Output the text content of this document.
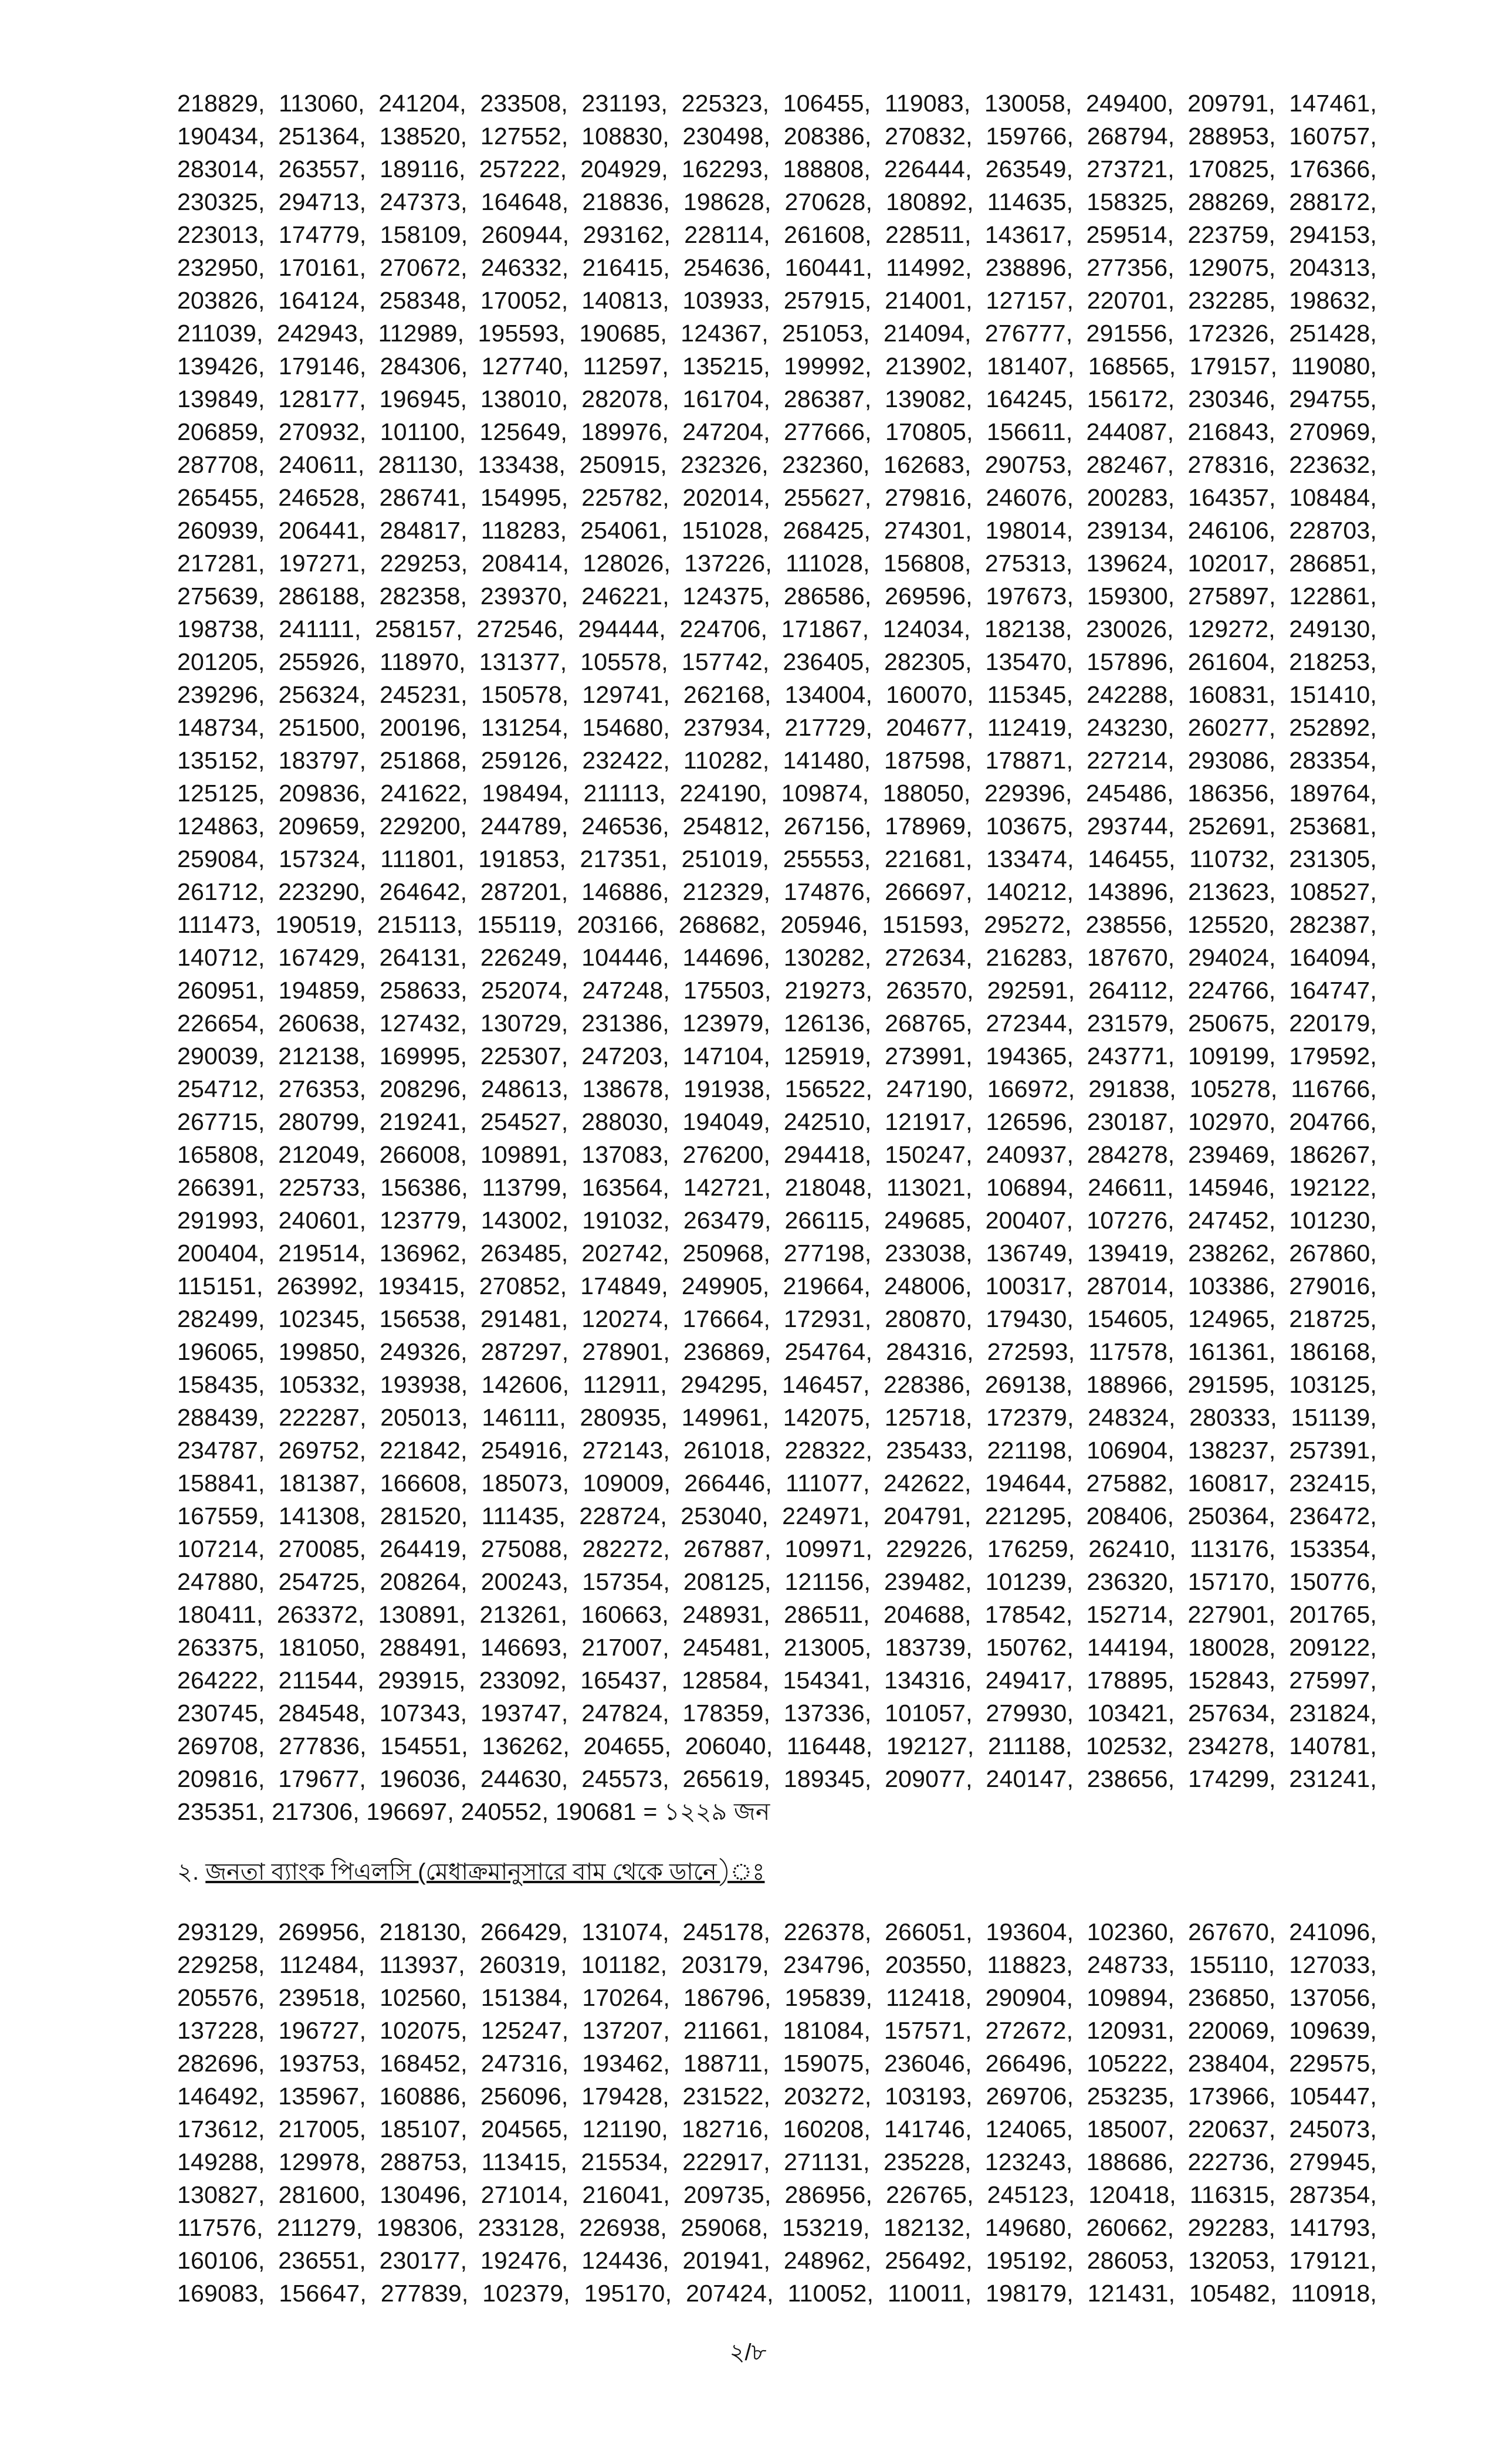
218829, 113060, 241204, 233508, 231193, 225323, 106455, 119083, 130058, 249400, 209791, 147461,
190434, 251364, 138520, 127552, 108830, 230498, 208386, 270832, 159766, 268794, 288953, 160757,
283014, 263557, 189116, 257222, 204929, 162293, 188808, 226444, 263549, 273721, 170825, 176366,
230325, 294713, 247373, 164648, 218836, 198628, 270628, 180892, 114635, 158325, 288269, 288172,
223013, 174779, 158109, 260944, 293162, 228114, 261608, 228511, 143617, 259514, 223759, 294153,
232950, 170161, 270672, 246332, 216415, 254636, 160441, 114992, 238896, 277356, 129075, 204313,
203826, 164124, 258348, 170052, 140813, 103933, 257915, 214001, 127157, 220701, 232285, 198632,
211039, 242943, 112989, 195593, 190685, 124367, 251053, 214094, 276777, 291556, 172326, 251428,
139426, 179146, 284306, 127740, 112597, 135215, 199992, 213902, 181407, 168565, 179157, 119080,
139849, 128177, 196945, 138010, 282078, 161704, 286387, 139082, 164245, 156172, 230346, 294755,
206859, 270932, 101100, 125649, 189976, 247204, 277666, 170805, 156611, 244087, 216843, 270969,
287708, 240611, 281130, 133438, 250915, 232326, 232360, 162683, 290753, 282467, 278316, 223632,
265455, 246528, 286741, 154995, 225782, 202014, 255627, 279816, 246076, 200283, 164357, 108484,
260939, 206441, 284817, 118283, 254061, 151028, 268425, 274301, 198014, 239134, 246106, 228703,
217281, 197271, 229253, 208414, 128026, 137226, 111028, 156808, 275313, 139624, 102017, 286851,
275639, 286188, 282358, 239370, 246221, 124375, 286586, 269596, 197673, 159300, 275897, 122861,
198738, 241111, 258157, 272546, 294444, 224706, 171867, 124034, 182138, 230026, 129272, 249130,
201205, 255926, 118970, 131377, 105578, 157742, 236405, 282305, 135470, 157896, 261604, 218253,
239296, 256324, 245231, 150578, 129741, 262168, 134004, 160070, 115345, 242288, 160831, 151410,
148734, 251500, 200196, 131254, 154680, 237934, 217729, 204677, 112419, 243230, 260277, 252892,
135152, 183797, 251868, 259126, 232422, 110282, 141480, 187598, 178871, 227214, 293086, 283354,
125125, 209836, 241622, 198494, 211113, 224190, 109874, 188050, 229396, 245486, 186356, 189764,
124863, 209659, 229200, 244789, 246536, 254812, 267156, 178969, 103675, 293744, 252691, 253681,
259084, 157324, 111801, 191853, 217351, 251019, 255553, 221681, 133474, 146455, 110732, 231305,
261712, 223290, 264642, 287201, 146886, 212329, 174876, 266697, 140212, 143896, 213623, 108527,
111473, 190519, 215113, 155119, 203166, 268682, 205946, 151593, 295272, 238556, 125520, 282387,
140712, 167429, 264131, 226249, 104446, 144696, 130282, 272634, 216283, 187670, 294024, 164094,
260951, 194859, 258633, 252074, 247248, 175503, 219273, 263570, 292591, 264112, 224766, 164747,
226654, 260638, 127432, 130729, 231386, 123979, 126136, 268765, 272344, 231579, 250675, 220179,
290039, 212138, 169995, 225307, 247203, 147104, 125919, 273991, 194365, 243771, 109199, 179592,
254712, 276353, 208296, 248613, 138678, 191938, 156522, 247190, 166972, 291838, 105278, 116766,
267715, 280799, 219241, 254527, 288030, 194049, 242510, 121917, 126596, 230187, 102970, 204766,
165808, 212049, 266008, 109891, 137083, 276200, 294418, 150247, 240937, 284278, 239469, 186267,
266391, 225733, 156386, 113799, 163564, 142721, 218048, 113021, 106894, 246611, 145946, 192122,
291993, 240601, 123779, 143002, 191032, 263479, 266115, 249685, 200407, 107276, 247452, 101230,
200404, 219514, 136962, 263485, 202742, 250968, 277198, 233038, 136749, 139419, 238262, 267860,
115151, 263992, 193415, 270852, 174849, 249905, 219664, 248006, 100317, 287014, 103386, 279016,
282499, 102345, 156538, 291481, 120274, 176664, 172931, 280870, 179430, 154605, 124965, 218725,
196065, 199850, 249326, 287297, 278901, 236869, 254764, 284316, 272593, 117578, 161361, 186168,
158435, 105332, 193938, 142606, 112911, 294295, 146457, 228386, 269138, 188966, 291595, 103125,
288439, 222287, 205013, 146111, 280935, 149961, 142075, 125718, 172379, 248324, 280333, 151139,
234787, 269752, 221842, 254916, 272143, 261018, 228322, 235433, 221198, 106904, 138237, 257391,
158841, 181387, 166608, 185073, 109009, 266446, 111077, 242622, 194644, 275882, 160817, 232415,
167559, 141308, 281520, 111435, 228724, 253040, 224971, 204791, 221295, 208406, 250364, 236472,
107214, 270085, 264419, 275088, 282272, 267887, 109971, 229226, 176259, 262410, 113176, 153354,
247880, 254725, 208264, 200243, 157354, 208125, 121156, 239482, 101239, 236320, 157170, 150776,
180411, 263372, 130891, 213261, 160663, 248931, 286511, 204688, 178542, 152714, 227901, 201765,
263375, 181050, 288491, 146693, 217007, 245481, 213005, 183739, 150762, 144194, 180028, 209122,
264222, 211544, 293915, 233092, 165437, 128584, 154341, 134316, 249417, 178895, 152843, 275997,
230745, 284548, 107343, 193747, 247824, 178359, 137336, 101057, 279930, 103421, 257634, 231824,
269708, 277836, 154551, 136262, 204655, 206040, 116448, 192127, 211188, 102532, 234278, 140781,
209816, 179677, 196036, 244630, 245573, 265619, 189345, 209077, 240147, 238656, 174299, 231241,
235351, 217306, 196697, 240552, 190681 = ১২২৯ জন
২. জনতা ব্যাংক পিএলসি (মেধাক্রমানুসারে বাম থেকে ডানে)
293129, 269956, 218130, 266429, 131074, 245178, 226378, 266051, 193604, 102360, 267670, 241096,
229258, 112484, 113937, 260319, 101182, 203179, 234796, 203550, 118823, 248733, 155110, 127033,
205576, 239518, 102560, 151384, 170264, 186796, 195839, 112418, 290904, 109894, 236850, 137056,
137228, 196727, 102075, 125247, 137207, 211661, 181084, 157571, 272672, 120931, 220069, 109639,
282696, 193753, 168452, 247316, 193462, 188711, 159075, 236046, 266496, 105222, 238404, 229575,
146492, 135967, 160886, 256096, 179428, 231522, 203272, 103193, 269706, 253235, 173966, 105447,
173612, 217005, 185107, 204565, 121190, 182716, 160208, 141746, 124065, 185007, 220637, 245073,
149288, 129978, 288753, 113415, 215534, 222917, 271131, 235228, 123243, 188686, 222736, 279945,
130827, 281600, 130496, 271014, 216041, 209735, 286956, 226765, 245123, 120418, 116315, 287354,
117576, 211279, 198306, 233128, 226938, 259068, 153219, 182132, 149680, 260662, 292283, 141793,
160106, 236551, 230177, 192476, 124436, 201941, 248962, 256492, 195192, 286053, 132053, 179121,
169083, 156647, 277839, 102379, 195170, 207424, 110052, 110011, 198179, 121431, 105482, 110918,
২/৮
